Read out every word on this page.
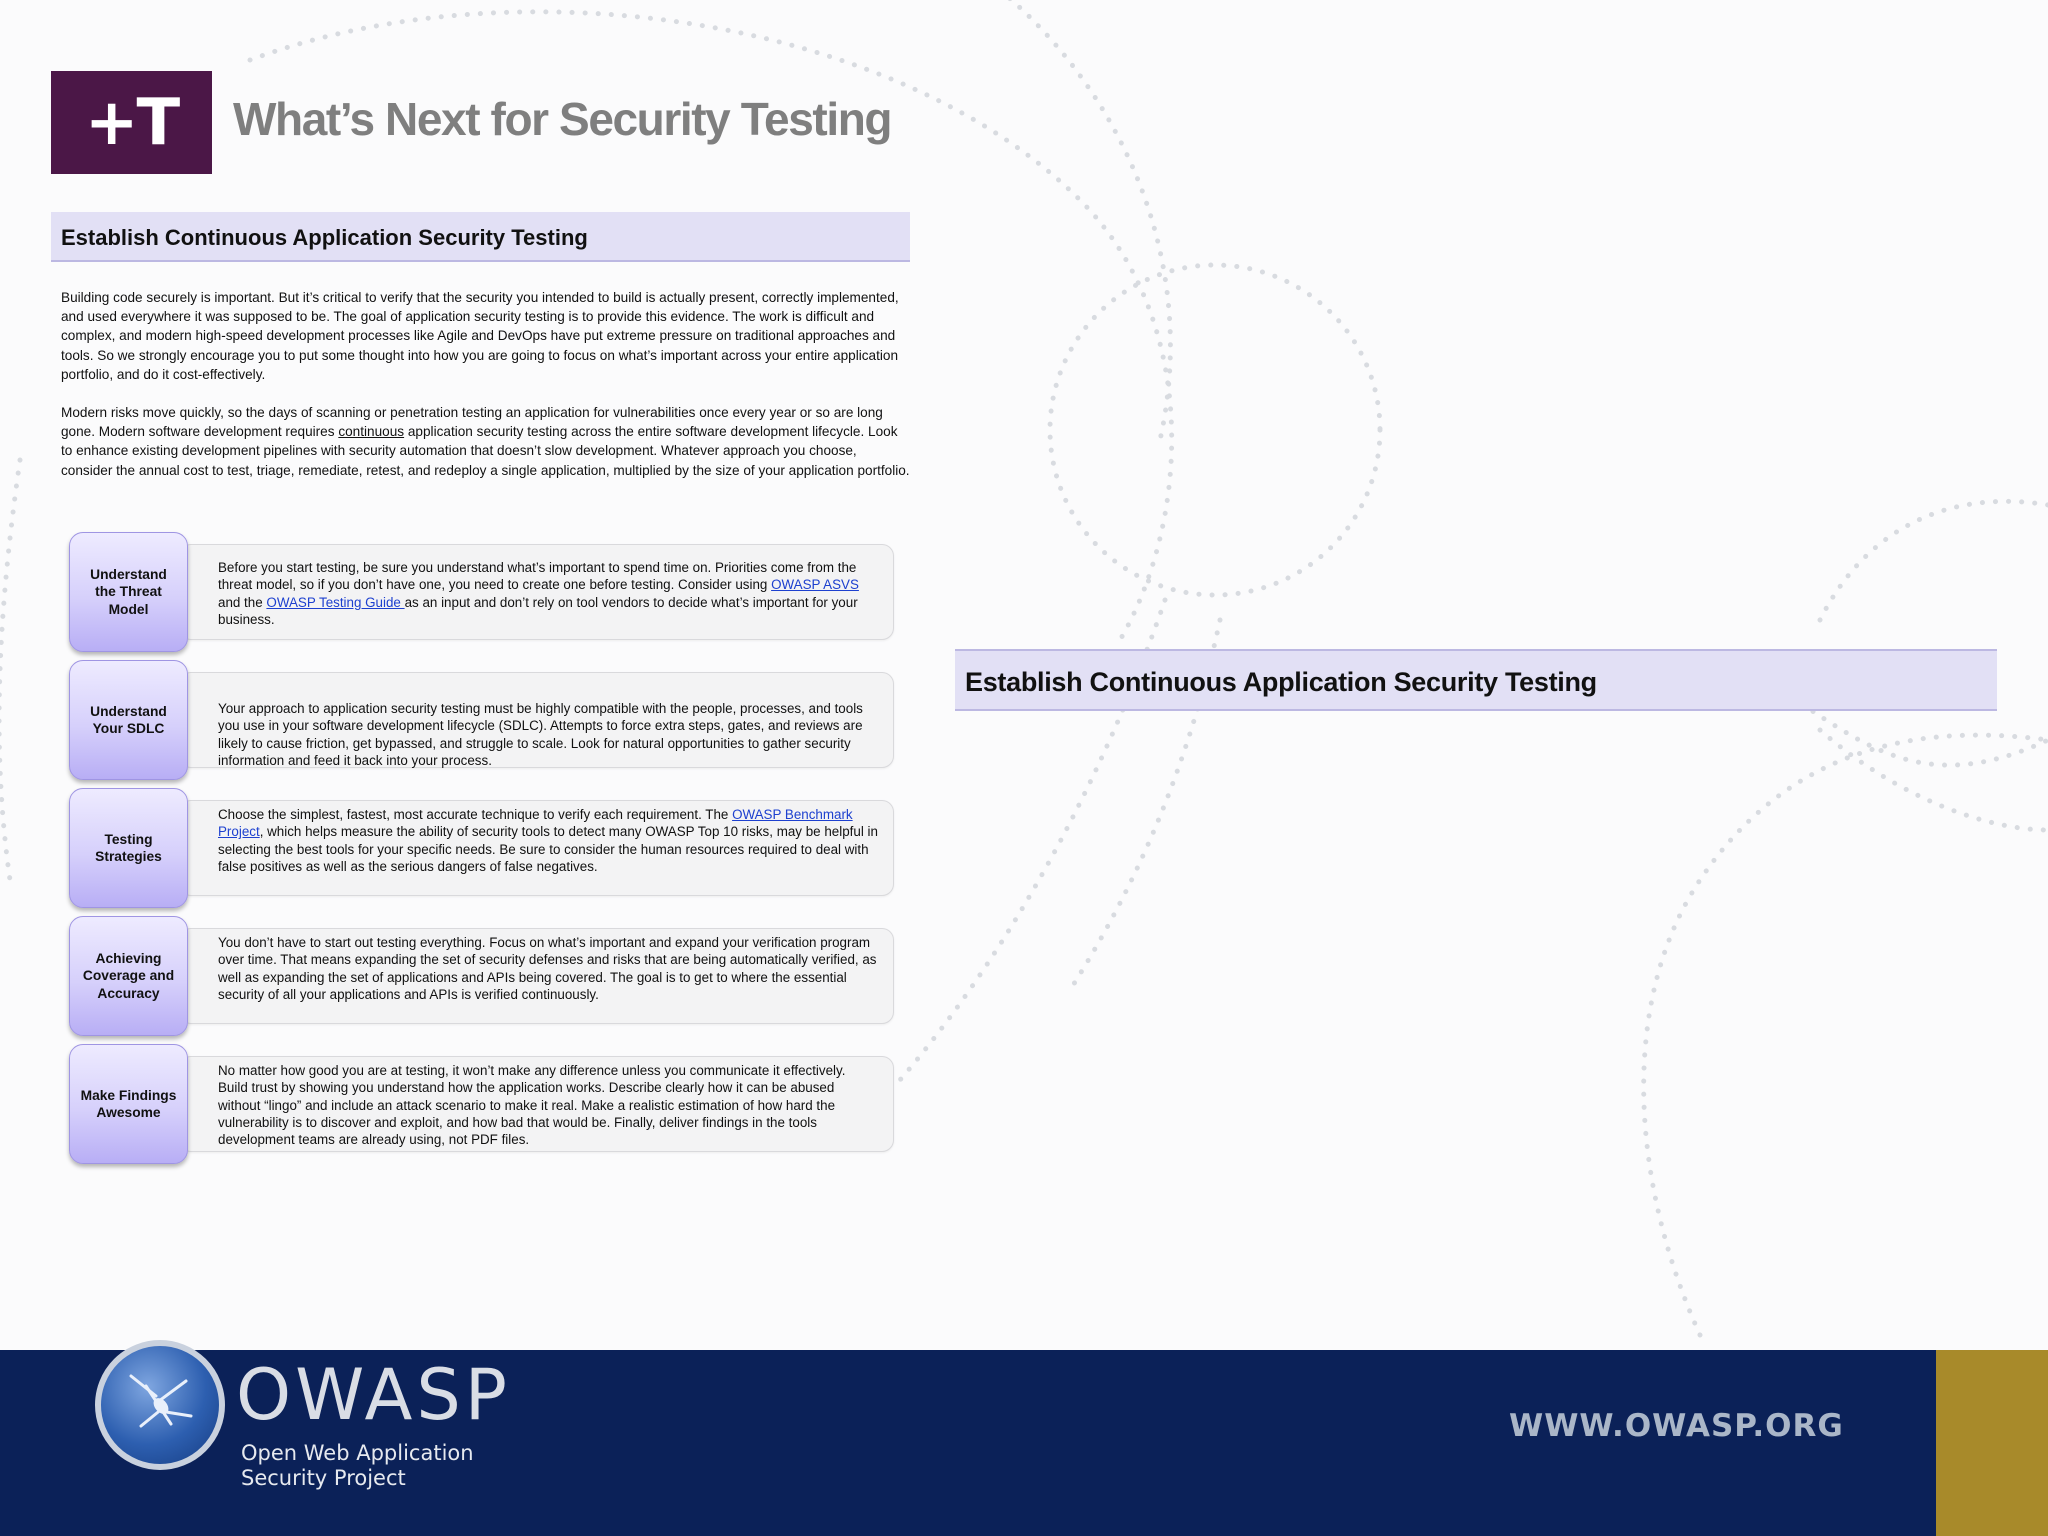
+T What’s Next for Security Testing
Establish Continuous Application Security Testing
Building code securely is important. But it’s critical to verify that the security you intended to build is actually present, correctly implemented, and used everywhere it was supposed to be. The goal of application security testing is to provide this evidence. The work is difficult and complex, and modern high-speed development processes like Agile and DevOps have put extreme pressure on traditional approaches and tools. So we strongly encourage you to put some thought into how you are going to focus on what’s important across your entire application portfolio, and do it cost-effectively.
Modern risks move quickly, so the days of scanning or penetration testing an application for vulnerabilities once every year or so are long gone. Modern software development requires continuous application security testing across the entire software development lifecycle. Look to enhance existing development pipelines with security automation that doesn’t slow development. Whatever approach you choose, consider the annual cost to test, triage, remediate, retest, and redeploy a single application, multiplied by the size of your application portfolio.
Before you start testing, be sure you understand what’s important to spend time on. Priorities come from the threat model, so if you don’t have one, you need to create one before testing. Consider using OWASP ASVS and the OWASP Testing Guide as an input and don’t rely on tool vendors to decide what’s important for your business.
Understand the Threat Model
Your approach to application security testing must be highly compatible with the people, processes, and tools you use in your software development lifecycle (SDLC). Attempts to force extra steps, gates, and reviews are likely to cause friction, get bypassed, and struggle to scale. Look for natural opportunities to gather security information and feed it back into your process.
Understand Your SDLC
Choose the simplest, fastest, most accurate technique to verify each requirement. The OWASP Benchmark Project, which helps measure the ability of security tools to detect many OWASP Top 10 risks, may be helpful in selecting the best tools for your specific needs. Be sure to consider the human resources required to deal with false positives as well as the serious dangers of false negatives.
Testing Strategies
You don’t have to start out testing everything. Focus on what’s important and expand your verification program over time. That means expanding the set of security defenses and risks that are being automatically verified, as well as expanding the set of applications and APIs being covered. The goal is to get to where the essential security of all your applications and APIs is verified continuously.
Achieving Coverage and Accuracy
No matter how good you are at testing, it won’t make any difference unless you communicate it effectively. Build trust by showing you understand how the application works. Describe clearly how it can be abused without “lingo” and include an attack scenario to make it real. Make a realistic estimation of how hard the vulnerability is to discover and exploit, and how bad that would be. Finally, deliver findings in the tools development teams are already using, not PDF files.
Make Findings Awesome
Establish Continuous Application Security Testing
OWASP
Open Web Application
Security Project
WWW.OWASP.ORG
